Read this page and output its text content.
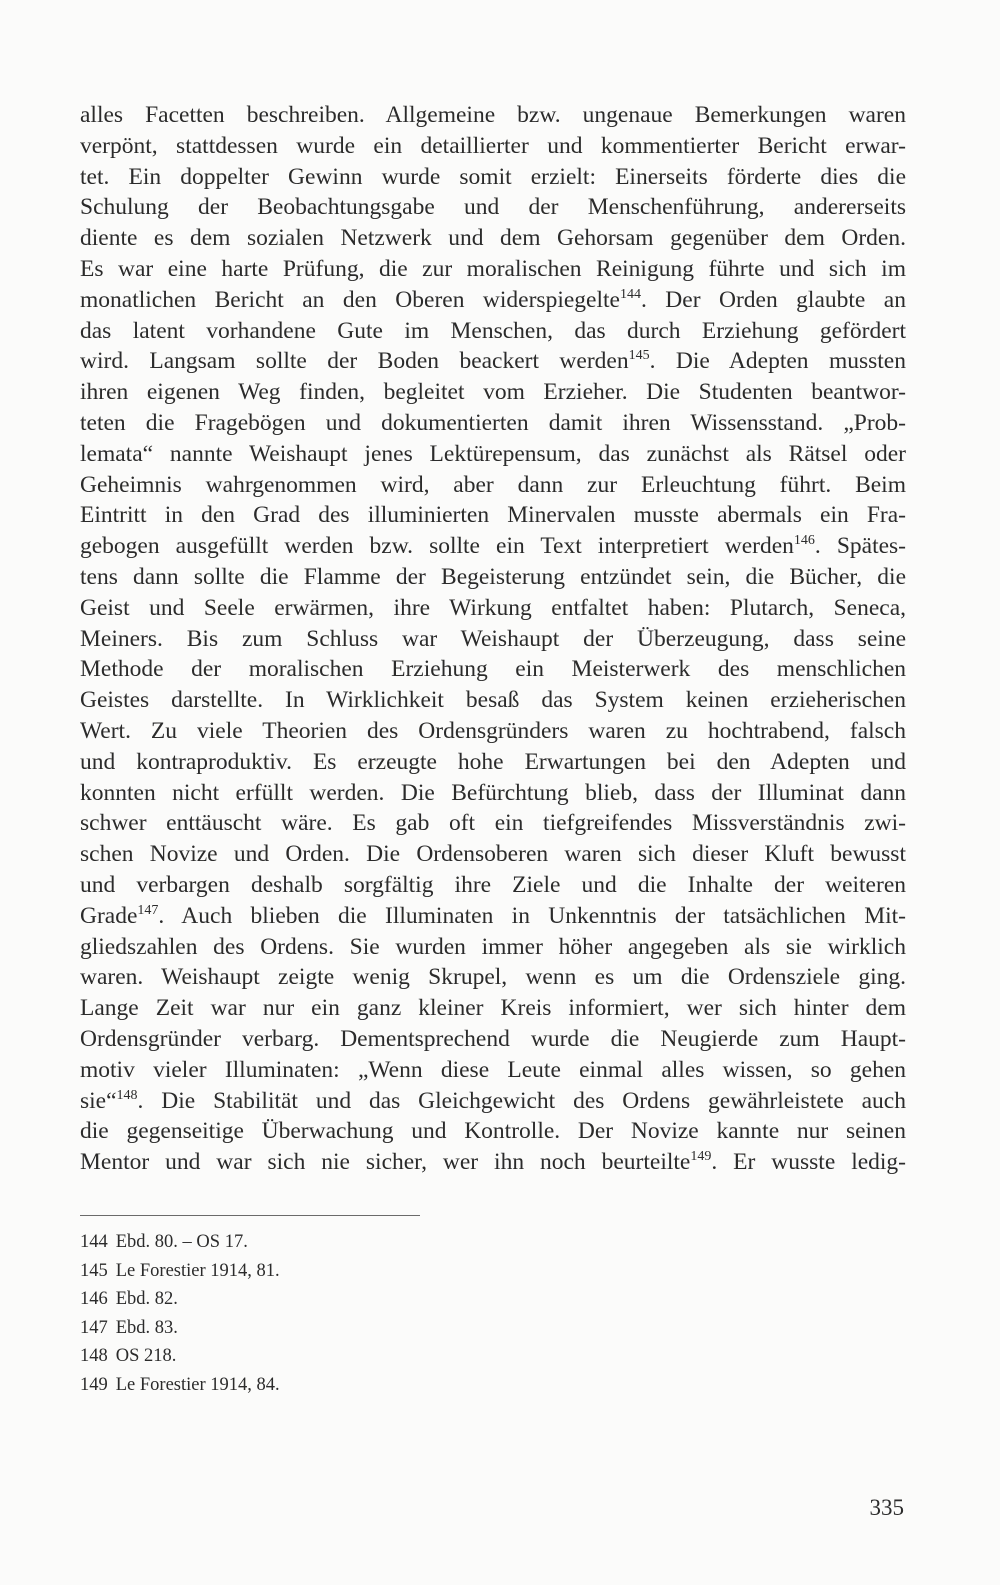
alles Facetten beschreiben. Allgemeine bzw. ungenaue Bemerkungen waren
verpönt, stattdessen wurde ein detaillierter und kommentierter Bericht erwar-
tet. Ein doppelter Gewinn wurde somit erzielt: Einerseits förderte dies die
Schulung der Beobachtungsgabe und der Menschenführung, andererseits
diente es dem sozialen Netzwerk und dem Gehorsam gegenüber dem Orden.
Es war eine harte Prüfung, die zur moralischen Reinigung führte und sich im
monatlichen Bericht an den Oberen widerspiegelte$^{144}$. Der Orden glaubte an
das latent vorhandene Gute im Menschen, das durch Erziehung gefördert
wird. Langsam sollte der Boden beackert werden$^{145}$. Die Adepten mussten
ihren eigenen Weg finden, begleitet vom Erzieher. Die Studenten beantwor-
teten die Fragebögen und dokumentierten damit ihren Wissensstand. „Prob-
lemata“ nannte Weishaupt jenes Lektürepensum, das zunächst als Rätsel oder
Geheimnis wahrgenommen wird, aber dann zur Erleuchtung führt. Beim
Eintritt in den Grad des illuminierten Minervalen musste abermals ein Fra-
gebogen ausgefüllt werden bzw. sollte ein Text interpretiert werden$^{146}$. Spätes-
tens dann sollte die Flamme der Begeisterung entzündet sein, die Bücher, die
Geist und Seele erwärmen, ihre Wirkung entfaltet haben: Plutarch, Seneca,
Meiners. Bis zum Schluss war Weishaupt der Überzeugung, dass seine
Methode der moralischen Erziehung ein Meisterwerk des menschlichen
Geistes darstellte. In Wirklichkeit besaß das System keinen erzieherischen
Wert. Zu viele Theorien des Ordensgründers waren zu hochtrabend, falsch
und kontraproduktiv. Es erzeugte hohe Erwartungen bei den Adepten und
konnten nicht erfüllt werden. Die Befürchtung blieb, dass der Illuminat dann
schwer enttäuscht wäre. Es gab oft ein tiefgreifendes Missverständnis zwi-
schen Novize und Orden. Die Ordensoberen waren sich dieser Kluft bewusst
und verbargen deshalb sorgfältig ihre Ziele und die Inhalte der weiteren
Grade$^{147}$. Auch blieben die Illuminaten in Unkenntnis der tatsächlichen Mit-
gliedszahlen des Ordens. Sie wurden immer höher angegeben als sie wirklich
waren. Weishaupt zeigte wenig Skrupel, wenn es um die Ordensziele ging.
Lange Zeit war nur ein ganz kleiner Kreis informiert, wer sich hinter dem
Ordensgründer verbarg. Dementsprechend wurde die Neugierde zum Haupt-
motiv vieler Illuminaten: „Wenn diese Leute einmal alles wissen, so gehen
sie“$^{148}$. Die Stabilität und das Gleichgewicht des Ordens gewährleistete auch
die gegenseitige Überwachung und Kontrolle. Der Novize kannte nur seinen
Mentor und war sich nie sicher, wer ihn noch beurteilte$^{149}$. Er wusste ledig-
144 Ebd. 80. – OS 17.
145 Le Forestier 1914, 81.
146 Ebd. 82.
147 Ebd. 83.
148 OS 218.
149 Le Forestier 1914, 84.
335
